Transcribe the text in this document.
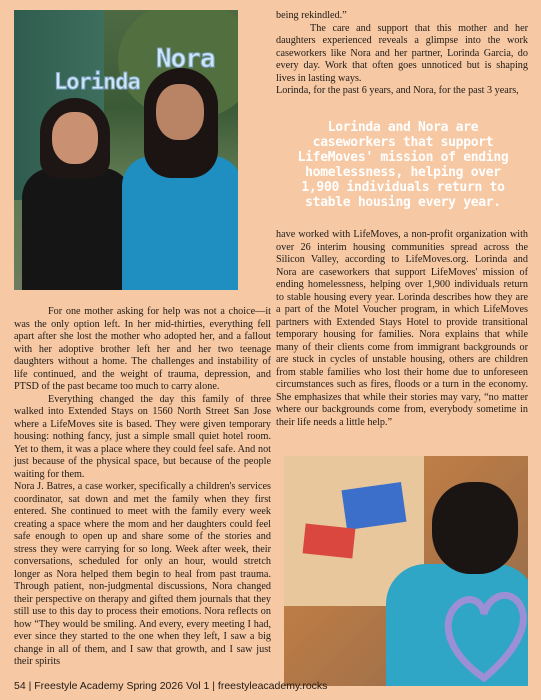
Nora
Lorinda

being rekindled.”

The care and support that this mother and her daughters experienced reveals a glimpse into the work caseworkers like Nora and her partner, Lorinda Garcia, do every day. Work that often goes unnoticed but is shaping lives in lasting ways.

Lorinda, for the past 6 years, and Nora, for the past 3 years,

Lorinda and Nora are caseworkers that support LifeMoves' mission of ending homelessness, helping over 1,900 individuals return to stable housing every year.

have worked with LifeMoves, a non-profit organization with over 26 interim housing communities spread across the Silicon Valley, according to LifeMoves.org. Lorinda and Nora are caseworkers that support LifeMoves' mission of ending homelessness, helping over 1,900 individuals return to stable housing every year. Lorinda describes how they are a part of the Motel Voucher program, in which LifeMoves partners with Extended Stays Hotel to provide transitional temporary housing for families. Nora explains that while many of their clients come from immigrant backgrounds or are stuck in cycles of unstable housing, others are children from stable families who lost their home due to unforeseen circumstances such as fires, floods or a turn in the economy. She emphasizes that while their stories may vary, “no matter where our backgrounds come from, everybody sometime in their life needs a little help.”

For one mother asking for help was not a choice—it was the only option left. In her mid-thirties, everything fell apart after she lost the mother who adopted her, and a fallout with her adoptive brother left her and her two teenage daughters without a home. The challenges and instability of life continued, and the weight of trauma, depression, and PTSD of the past became too much to carry alone.

Everything changed the day this family of three walked into Extended Stays on 1560 North Street San Jose where a LifeMoves site is based. They were given temporary housing: nothing fancy, just a simple small quiet hotel room. Yet to them, it was a place where they could feel safe. And not just because of the physical space, but because of the people waiting for them.

Nora J. Batres, a case worker, specifically a children's services coordinator, sat down and met the family when they first entered. She continued to meet with the family every week creating a space where the mom and her daughters could feel safe enough to open up and share some of the stories and stress they were carrying for so long. Week after week, their conversations, scheduled for only an hour, would stretch longer as Nora helped them begin to heal from past trauma. Through patient, non-judgmental discussions, Nora changed their perspective on therapy and gifted them journals that they still use to this day to process their emotions. Nora reflects on how “They would be smiling. And every, every meeting I had, ever since they started to the one when they left, I saw a big change in all of them, and I saw that growth, and I saw just their spirits

54 | Freestyle Academy Spring 2026 Vol 1 | freestyleacademy.rocks
